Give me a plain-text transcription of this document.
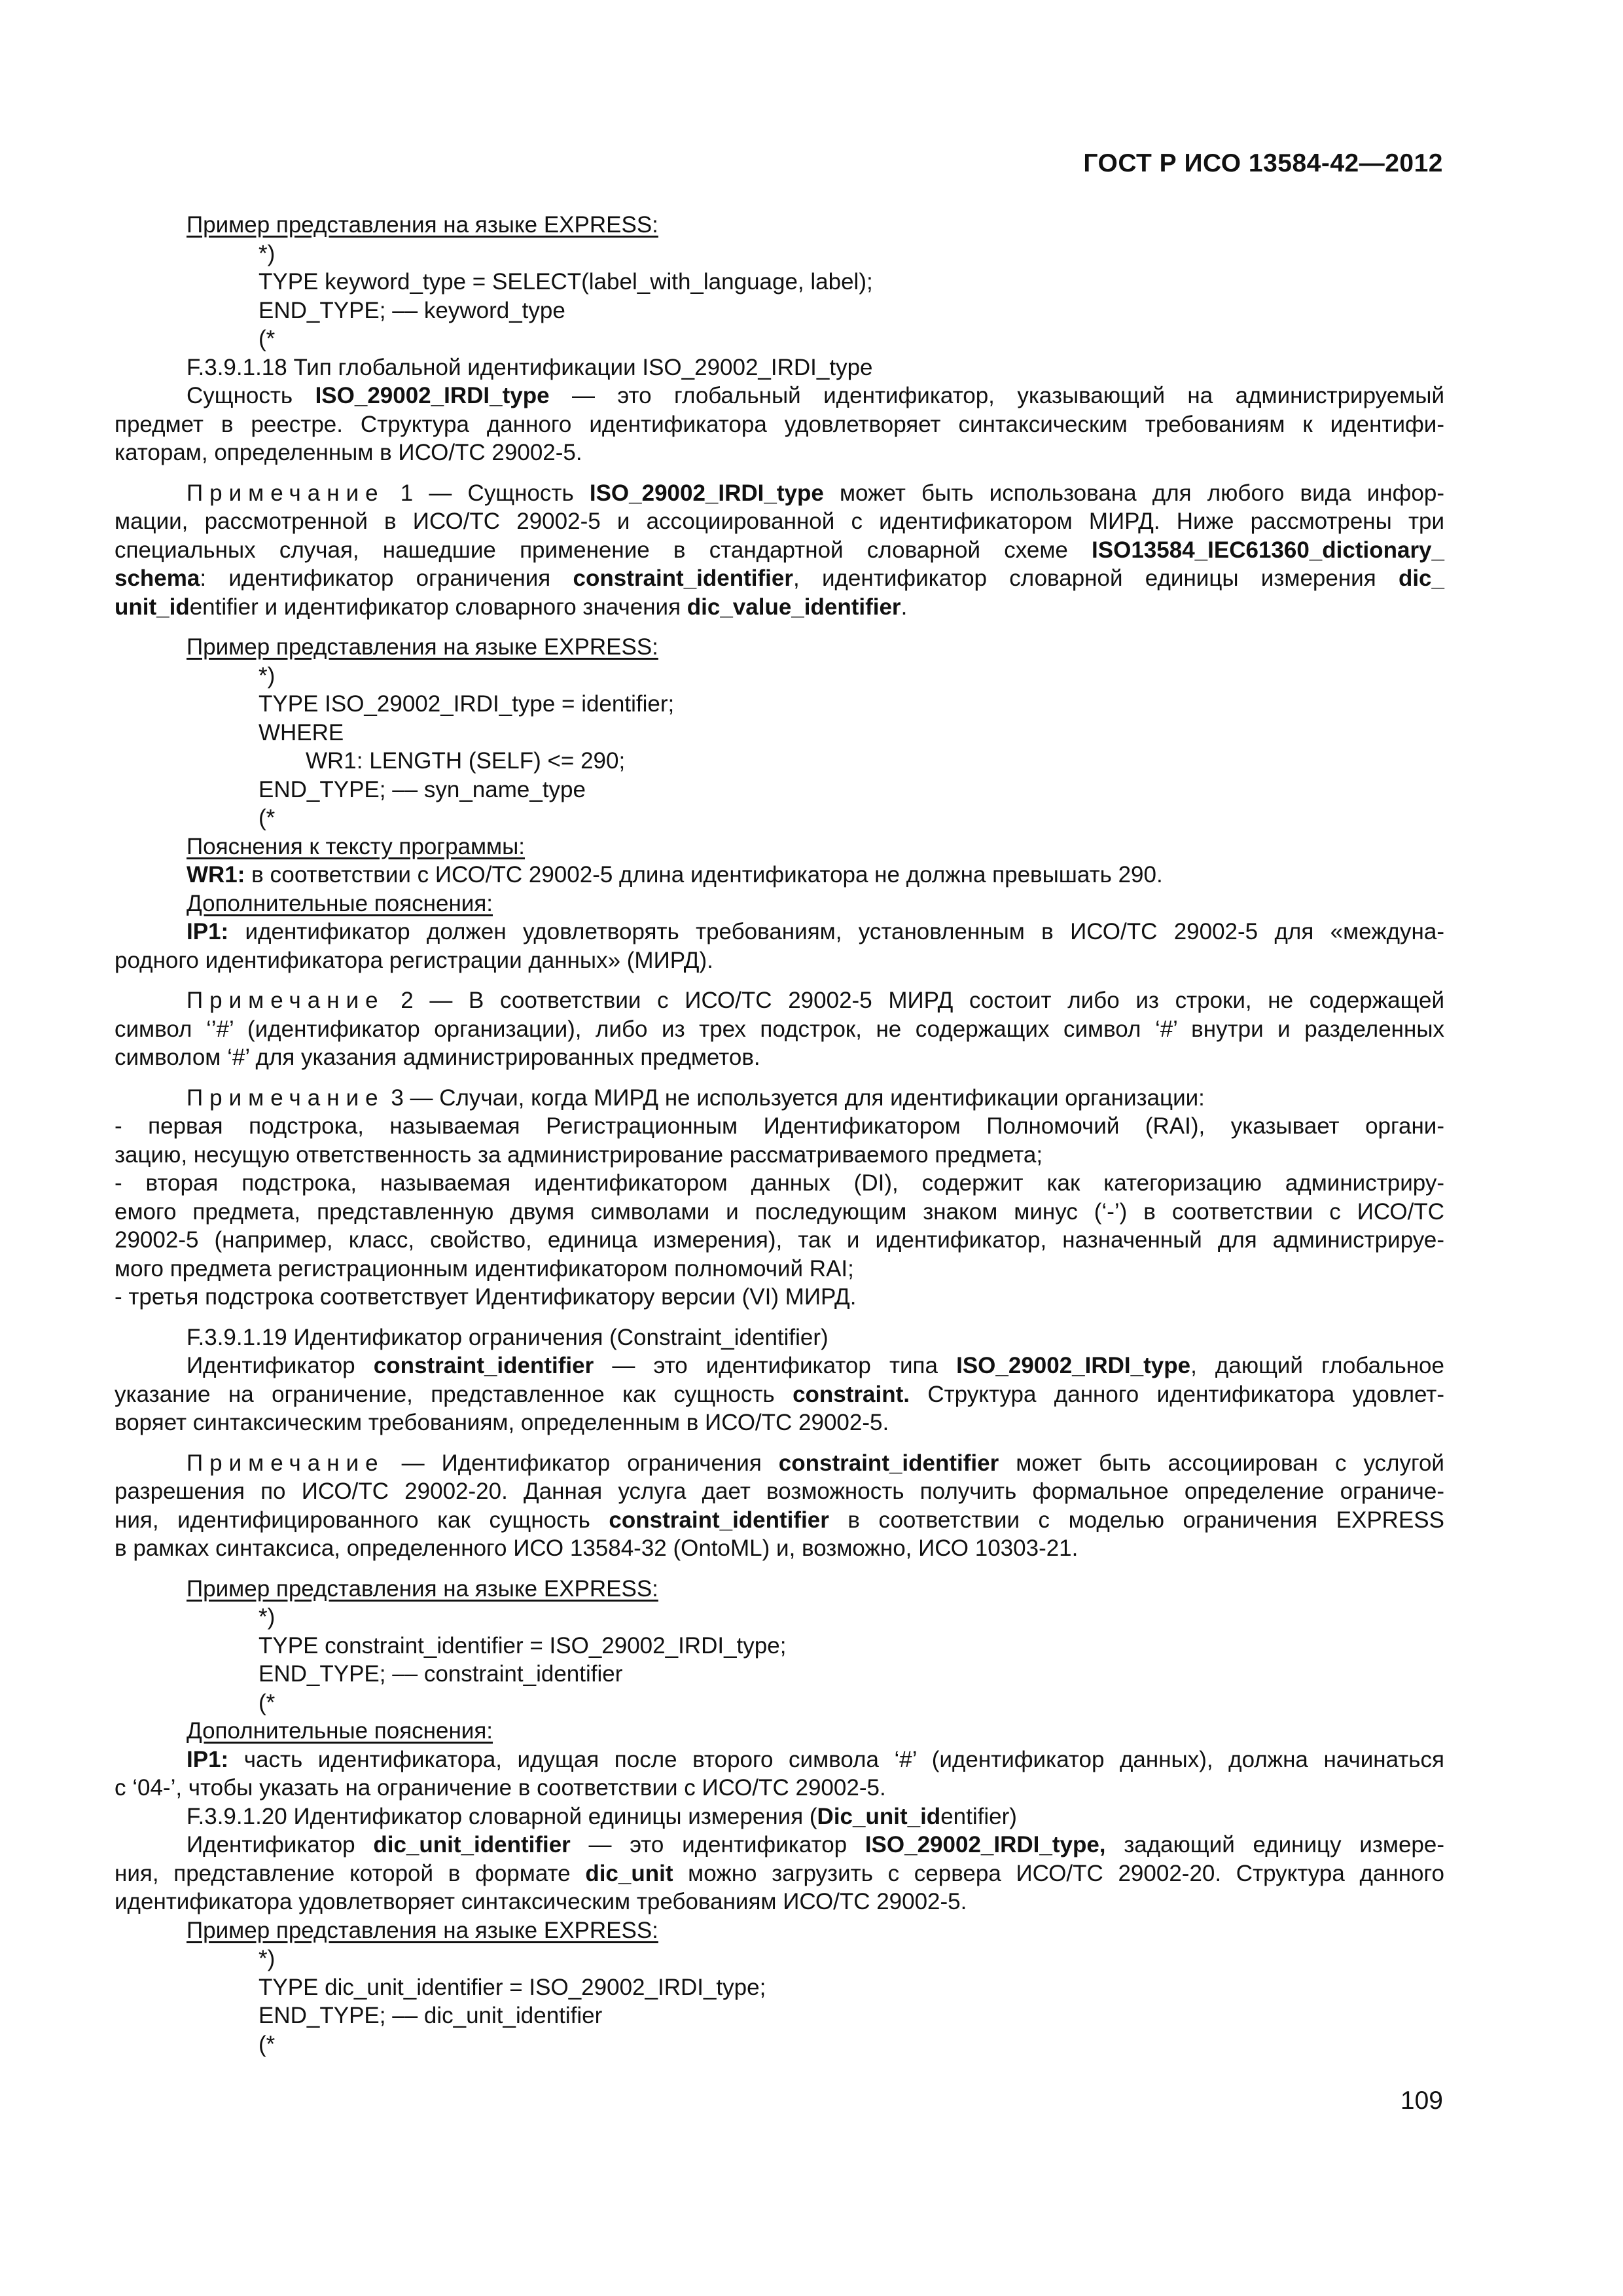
ГОСТ Р ИСО 13584-42—2012
Пример представления на языке EXPRESS:
*)
TYPE keyword_type = SELECT(label_with_language, label);
END_TYPE; –– keyword_type
(*
F.3.9.1.18 Тип глобальной идентификации ISO_29002_IRDI_type
Сущность ISO_29002_IRDI_type — это глобальный идентификатор, указывающий на администрируемый
предмет в реестре. Структура данного идентификатора удовлетворяет синтаксическим требованиям к идентифи-
каторам, определенным в ИСО/ТС 29002-5.
Примечание 1 — Сущность ISO_29002_IRDI_type может быть использована для любого вида инфор-
мации, рассмотренной в ИСО/ТС 29002-5 и ассоциированной с идентификатором МИРД. Ниже рассмотрены три
специальных случая, нашедшие применение в стандартной словарной схеме ISO13584_IEC61360_dictionary_
schema: идентификатор ограничения constraint_identifier, идентификатор словарной единицы измерения dic_
unit_identifier и идентификатор словарного значения dic_value_identifier.
Пример представления на языке EXPRESS:
*)
TYPE ISO_29002_IRDI_type = identifier;
WHERE
WR1: LENGTH (SELF) <= 290;
END_TYPE; –– syn_name_type
(*
Пояснения к тексту программы:
WR1: в соответствии с ИСО/ТС 29002-5 длина идентификатора не должна превышать 290.
Дополнительные пояснения:
IP1: идентификатор должен удовлетворять требованиям, установленным в ИСО/ТС 29002-5 для «междуна-
родного идентификатора регистрации данных» (МИРД).
Примечание 2 — В соответствии с ИСО/ТС 29002-5 МИРД состоит либо из строки, не содержащей
символ ‘’#’ (идентификатор организации), либо из трех подстрок, не содержащих символ ‘#’ внутри и разделенных
символом ‘#’ для указания администрированных предметов.
Примечание 3 — Случаи, когда МИРД не используется для идентификации организации:
- первая подстрока, называемая Регистрационным Идентификатором Полномочий (RAI), указывает органи-
зацию, несущую ответственность за администрирование рассматриваемого предмета;
- вторая подстрока, называемая идентификатором данных (DI), содержит как категоризацию администриру-
емого предмета, представленную двумя символами и последующим знаком минус (‘-’) в соответствии с ИСО/ТС
29002-5 (например, класс, свойство, единица измерения), так и идентификатор, назначенный для администрируе-
мого предмета регистрационным идентификатором полномочий RAI;
- третья подстрока соответствует Идентификатору версии (VI) МИРД.
F.3.9.1.19 Идентификатор ограничения (Constraint_identifier)
Идентификатор constraint_identifier — это идентификатор типа ISO_29002_IRDI_type, дающий глобальное
указание на ограничение, представленное как сущность constraint. Структура данного идентификатора удовлет-
воряет синтаксическим требованиям, определенным в ИСО/ТС 29002-5.
Примечание — Идентификатор ограничения constraint_identifier может быть ассоциирован с услугой
разрешения по ИСО/ТС 29002-20. Данная услуга дает возможность получить формальное определение ограниче-
ния, идентифицированного как сущность constraint_identifier в соответствии с моделью ограничения EXPRESS
в рамках синтаксиса, определенного ИСО 13584-32 (OntoML) и, возможно, ИСО 10303-21.
Пример представления на языке EXPRESS:
*)
TYPE constraint_identifier = ISO_29002_IRDI_type;
END_TYPE; –– constraint_identifier
(*
Дополнительные пояснения:
IP1: часть идентификатора, идущая после второго символа ‘#’ (идентификатор данных), должна начинаться
с ‘04-’, чтобы указать на ограничение в соответствии с ИСО/ТС 29002-5.
F.3.9.1.20 Идентификатор словарной единицы измерения (Dic_unit_identifier)
Идентификатор dic_unit_identifier — это идентификатор ISO_29002_IRDI_type, задающий единицу измере-
ния, представление которой в формате dic_unit можно загрузить с сервера ИСО/ТС 29002-20. Структура данного
идентификатора удовлетворяет синтаксическим требованиям ИСО/ТС 29002-5.
Пример представления на языке EXPRESS:
*)
TYPE dic_unit_identifier = ISO_29002_IRDI_type;
END_TYPE; –– dic_unit_identifier
(*
109
